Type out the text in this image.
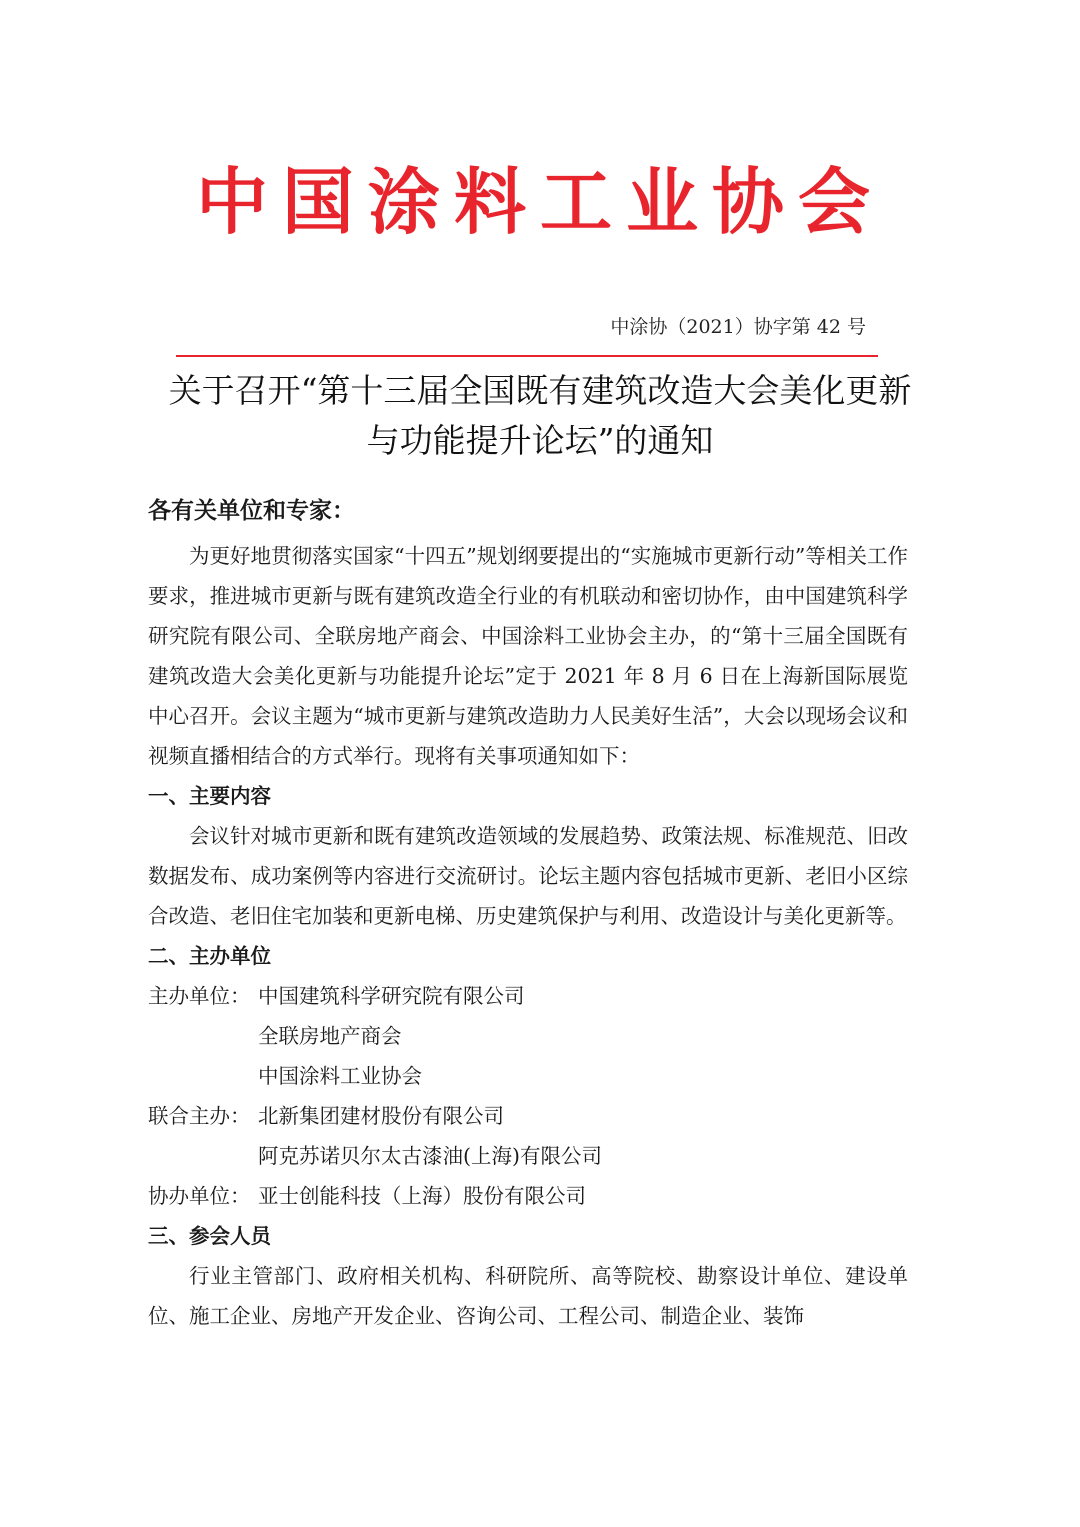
中国涂料工业协会
中涂协（2021）协字第 42 号
关于召开“第十三届全国既有建筑改造大会美化更新
与功能提升论坛”的通知

各有关单位和专家：

为更好地贯彻落实国家“十四五”规划纲要提出的“实施城市更新行动”等相关工作要求，推进城市更新与既有建筑改造全行业的有机联动和密切协作，由中国建筑科学研究院有限公司、全联房地产商会、中国涂料工业协会主办，的“第十三届全国既有建筑改造大会美化更新与功能提升论坛”定于 2021 年 8 月 6 日在上海新国际展览中心召开。会议主题为“城市更新与建筑改造助力人民美好生活”，大会以现场会议和视频直播相结合的方式举行。现将有关事项通知如下：

一、主要内容

会议针对城市更新和既有建筑改造领域的发展趋势、政策法规、标准规范、旧改数据发布、成功案例等内容进行交流研讨。论坛主题内容包括城市更新、老旧小区综合改造、老旧住宅加装和更新电梯、历史建筑保护与利用、改造设计与美化更新等。

二、主办单位

主办单位： 中国建筑科学研究院有限公司
全联房地产商会
中国涂料工业协会
联合主办： 北新集团建材股份有限公司
阿克苏诺贝尔太古漆油(上海)有限公司
协办单位： 亚士创能科技（上海）股份有限公司

三、参会人员

行业主管部门、政府相关机构、科研院所、高等院校、勘察设计单位、建设单位、施工企业、房地产开发企业、咨询公司、工程公司、制造企业、装饰
